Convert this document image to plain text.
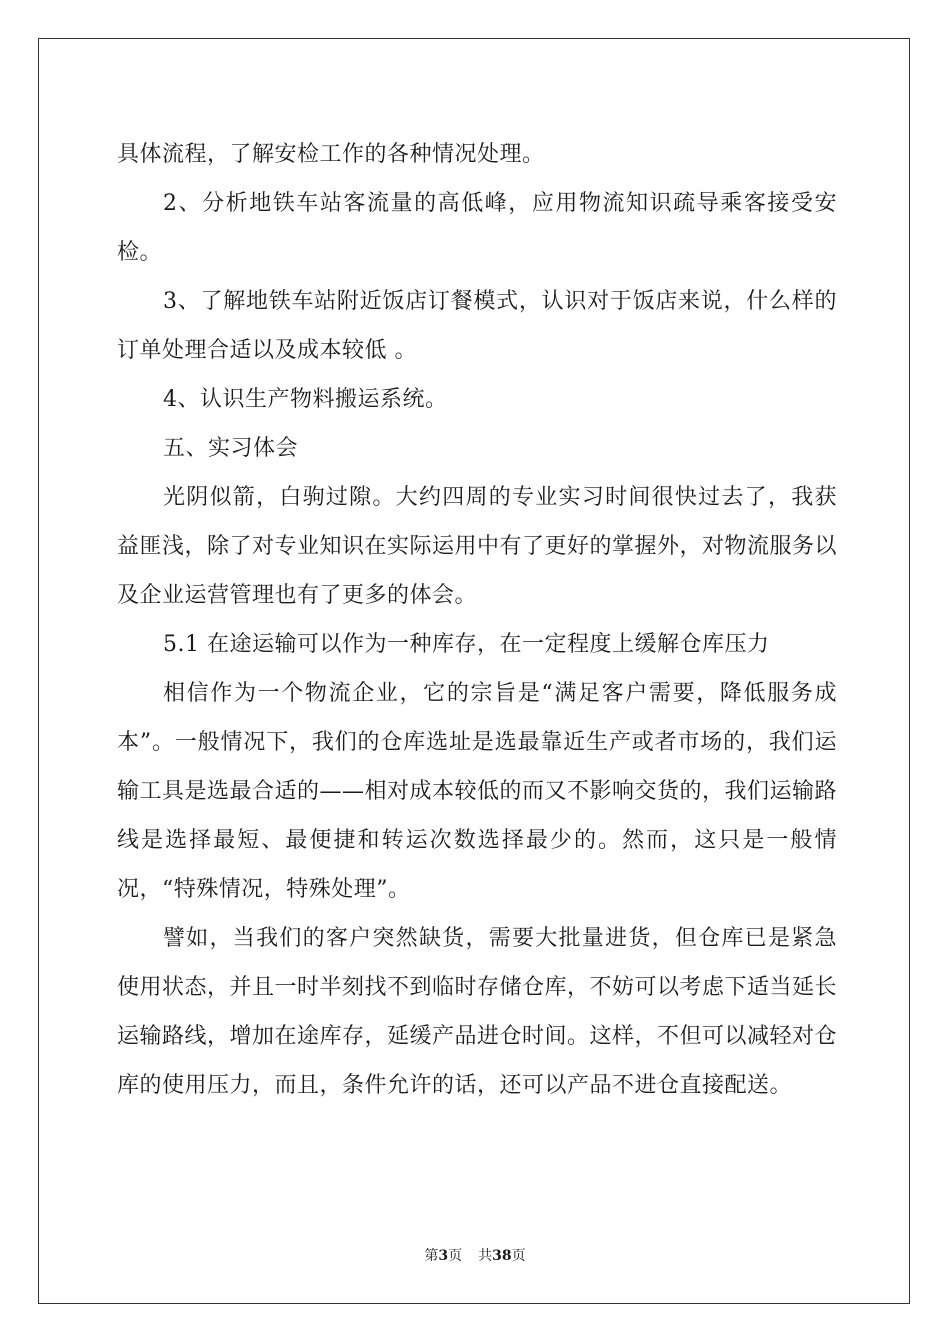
具体流程，了解安检工作的各种情况处理。

2、分析地铁车站客流量的高低峰，应用物流知识疏导乘客接受安检。

3、了解地铁车站附近饭店订餐模式，认识对于饭店来说，什么样的订单处理合适以及成本较低 。

4、认识生产物料搬运系统。

五、实习体会

光阴似箭，白驹过隙。大约四周的专业实习时间很快过去了，我获益匪浅，除了对专业知识在实际运用中有了更好的掌握外，对物流服务以及企业运营管理也有了更多的体会。

5.1 在途运输可以作为一种库存，在一定程度上缓解仓库压力

相信作为一个物流企业，它的宗旨是“满足客户需要，降低服务成本”。一般情况下，我们的仓库选址是选最靠近生产或者市场的，我们运输工具是选最合适的——相对成本较低的而又不影响交货的，我们运输路线是选择最短、最便捷和转运次数选择最少的。然而，这只是一般情况，“特殊情况，特殊处理”。

譬如，当我们的客户突然缺货，需要大批量进货，但仓库已是紧急使用状态，并且一时半刻找不到临时存储仓库，不妨可以考虑下适当延长运输路线，增加在途库存，延缓产品进仓时间。这样，不但可以减轻对仓库的使用压力，而且，条件允许的话，还可以产品不进仓直接配送。

第3页 共38页
